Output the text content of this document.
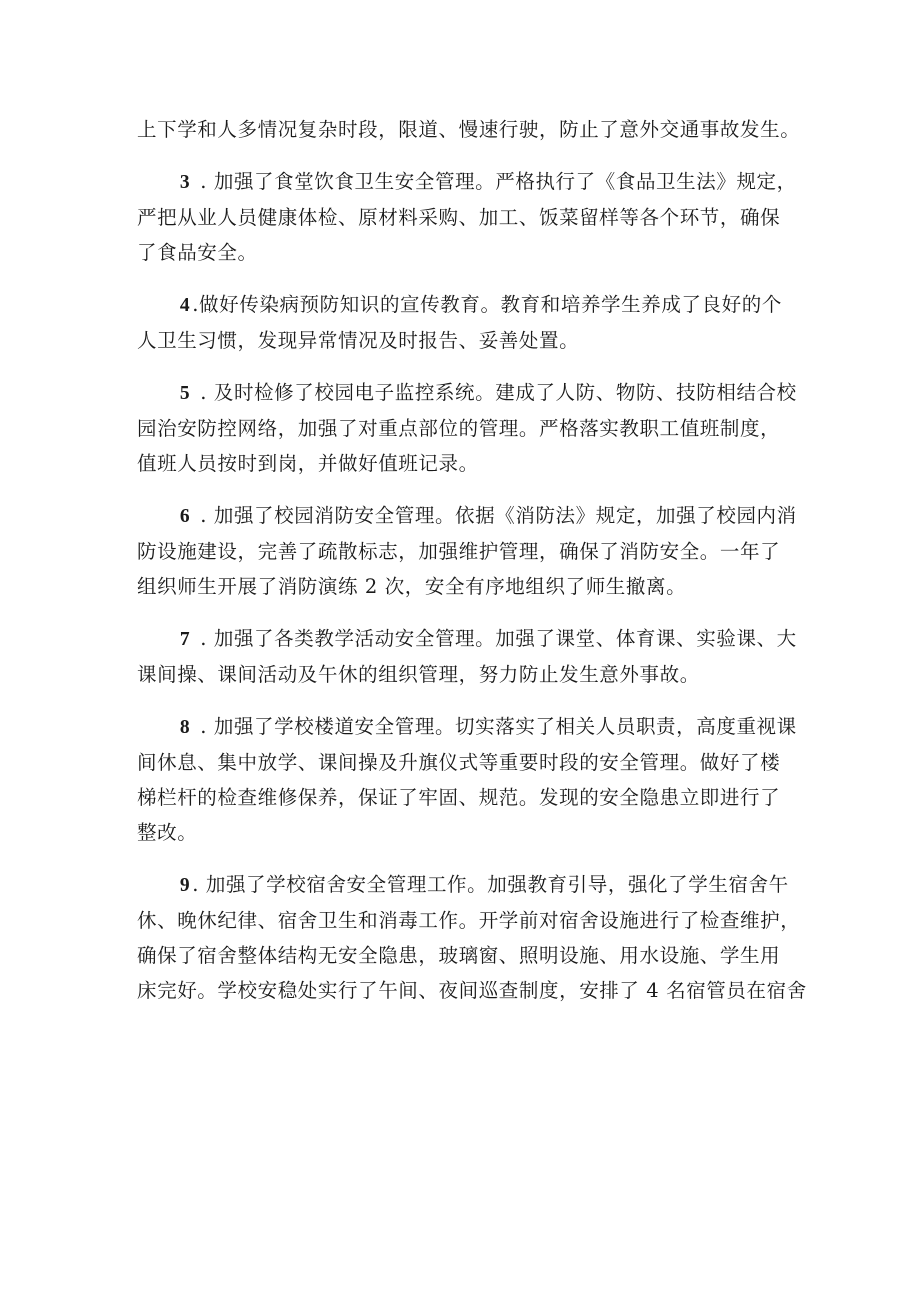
上下学和人多情况复杂时段，限道、慢速行驶，防止了意外交通事故发生。

3 . 加强了食堂饮食卫生安全管理。严格执行了《食品卫生法》规定，
严把从业人员健康体检、原材料采购、加工、饭菜留样等各个环节，确保
了食品安全。

4 .做好传染病预防知识的宣传教育。教育和培养学生养成了良好的个
人卫生习惯，发现异常情况及时报告、妥善处置。

5 . 及时检修了校园电子监控系统。建成了人防、物防、技防相结合校
园治安防控网络，加强了对重点部位的管理。严格落实教职工值班制度，
值班人员按时到岗，并做好值班记录。

6 . 加强了校园消防安全管理。依据《消防法》规定，加强了校园内消
防设施建设，完善了疏散标志，加强维护管理，确保了消防安全。一年了
组织师生开展了消防演练 2 次，安全有序地组织了师生撤离。

7 . 加强了各类教学活动安全管理。加强了课堂、体育课、实验课、大
课间操、课间活动及午休的组织管理，努力防止发生意外事故。

8 . 加强了学校楼道安全管理。切实落实了相关人员职责，高度重视课
间休息、集中放学、课间操及升旗仪式等重要时段的安全管理。做好了楼
梯栏杆的检查维修保养，保证了牢固、规范。发现的安全隐患立即进行了
整改。

9 . 加强了学校宿舍安全管理工作。加强教育引导，强化了学生宿舍午
休、晚休纪律、宿舍卫生和消毒工作。开学前对宿舍设施进行了检查维护，
确保了宿舍整体结构无安全隐患，玻璃窗、照明设施、用水设施、学生用
床完好。学校安稳处实行了午间、夜间巡查制度，安排了 4 名宿管员在宿舍
